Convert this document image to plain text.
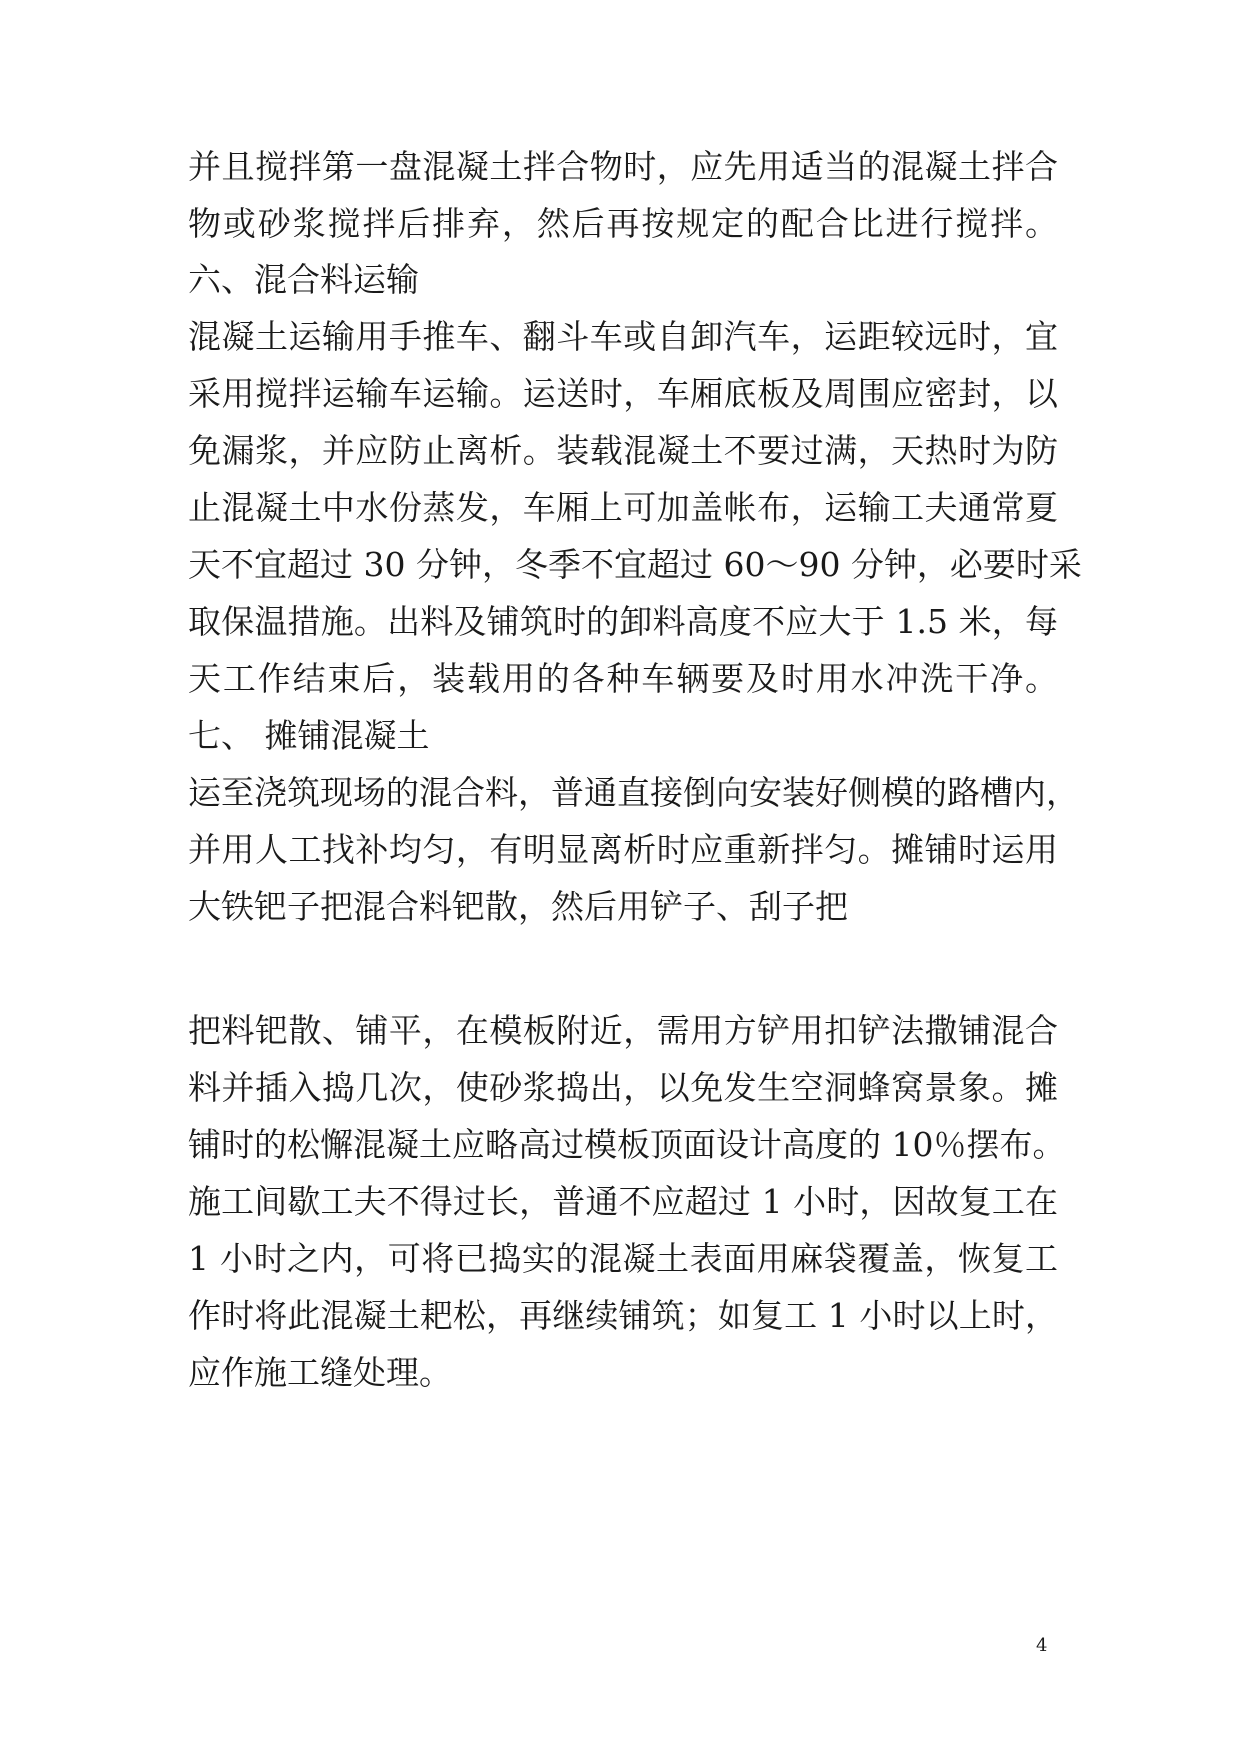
并且搅拌第一盘混凝土拌合物时，应先用适当的混凝土拌合
物或砂浆搅拌后排弃，然后再按规定的配合比进行搅拌。
六、混合料运输
混凝土运输用手推车、翻斗车或自卸汽车，运距较远时，宜
采用搅拌运输车运输。运送时，车厢底板及周围应密封，以
免漏浆，并应防止离析。装载混凝土不要过满，天热时为防
止混凝土中水份蒸发，车厢上可加盖帐布，运输工夫通常夏
天不宜超过 30 分钟，冬季不宜超过 60～90 分钟，必要时采
取保温措施。出料及铺筑时的卸料高度不应大于 1.5 米，每
天工作结束后，装载用的各种车辆要及时用水冲洗干净。
七、 摊铺混凝土
运至浇筑现场的混合料，普通直接倒向安装好侧模的路槽内，
并用人工找补均匀，有明显离析时应重新拌匀。摊铺时运用
大铁钯子把混合料钯散，然后用铲子、刮子把
把料钯散、铺平，在模板附近，需用方铲用扣铲法撒铺混合
料并插入捣几次，使砂浆捣出，以免发生空洞蜂窝景象。摊
铺时的松懈混凝土应略高过模板顶面设计高度的 10％摆布。
施工间歇工夫不得过长，普通不应超过 1 小时，因故复工在
1 小时之内，可将已捣实的混凝土表面用麻袋覆盖，恢复工
作时将此混凝土耙松，再继续铺筑；如复工 1 小时以上时，
应作施工缝处理。
4
